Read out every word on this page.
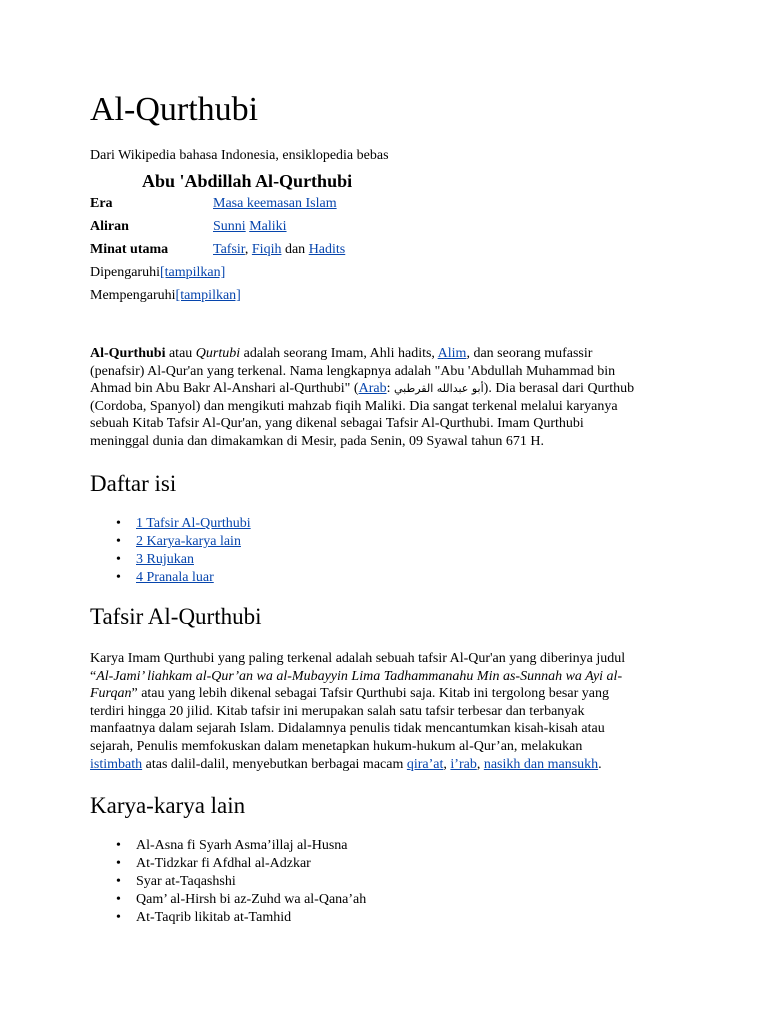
Al-Qurthubi
Dari Wikipedia bahasa Indonesia, ensiklopedia bebas
Abu 'Abdillah Al-Qurthubi
Era	Masa keemasan Islam
Aliran	Sunni Maliki
Minat utama	Tafsir, Fiqih dan Hadits
Dipengaruhi[tampilkan]
Mempengaruhi[tampilkan]

Al-Qurthubi atau Qurtubi adalah seorang Imam, Ahli hadits, Alim, dan seorang mufassir
(penafsir) Al-Qur'an yang terkenal. Nama lengkapnya adalah "Abu 'Abdullah Muhammad bin
Ahmad bin Abu Bakr Al-Anshari al-Qurthubi" (Arab: أبو عبدالله القرطبي). Dia berasal dari Qurthub
(Cordoba, Spanyol) dan mengikuti mahzab fiqih Maliki. Dia sangat terkenal melalui karyanya
sebuah Kitab Tafsir Al-Qur'an, yang dikenal sebagai Tafsir Al-Qurthubi. Imam Qurthubi
meninggal dunia dan dimakamkan di Mesir, pada Senin, 09 Syawal tahun 671 H.

Daftar isi
• 1 Tafsir Al-Qurthubi
• 2 Karya-karya lain
• 3 Rujukan
• 4 Pranala luar
Tafsir Al-Qurthubi

Karya Imam Qurthubi yang paling terkenal adalah sebuah tafsir Al-Qur'an yang diberinya judul
“Al-Jami’ liahkam al-Qur’an wa al-Mubayyin Lima Tadhammanahu Min as-Sunnah wa Ayi al-
Furqan” atau yang lebih dikenal sebagai Tafsir Qurthubi saja. Kitab ini tergolong besar yang
terdiri hingga 20 jilid. Kitab tafsir ini merupakan salah satu tafsir terbesar dan terbanyak
manfaatnya dalam sejarah Islam. Didalamnya penulis tidak mencantumkan kisah-kisah atau
sejarah, Penulis memfokuskan dalam menetapkan hukum-hukum al-Qur’an, melakukan
istimbath atas dalil-dalil, menyebutkan berbagai macam qira’at, i’rab, nasikh dan mansukh.

Karya-karya lain
• Al-Asna fi Syarh Asma’illaj al-Husna
• At-Tidzkar fi Afdhal al-Adzkar
• Syar at-Taqashshi
• Qam’ al-Hirsh bi az-Zuhd wa al-Qana’ah
• At-Taqrib likitab at-Tamhid
